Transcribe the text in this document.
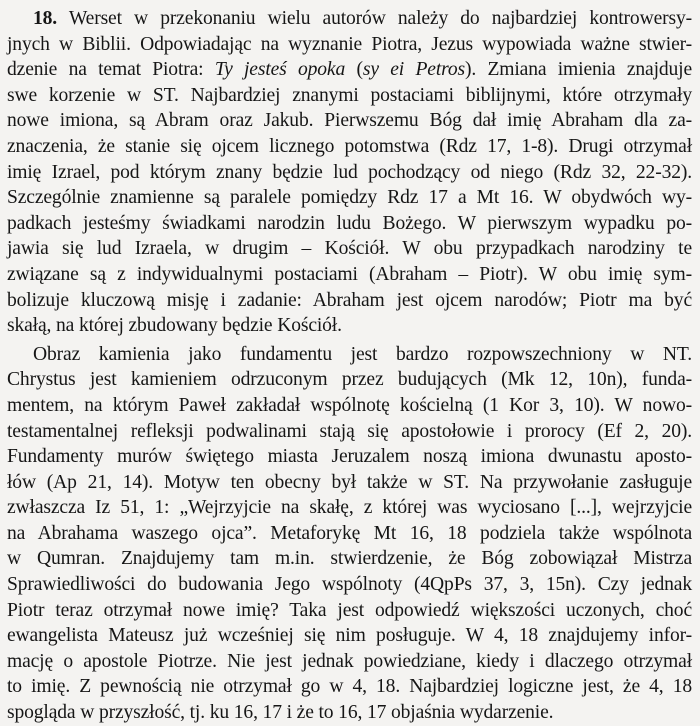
18. Werset w przekonaniu wielu autorów należy do najbardziej kontrowersy-
jnych w Biblii. Odpowiadając na wyznanie Piotra, Jezus wypowiada ważne stwier-
dzenie na temat Piotra: Ty jesteś opoka (sy ei Petros). Zmiana imienia znajduje
swe korzenie w ST. Najbardziej znanymi postaciami biblijnymi, które otrzymały
nowe imiona, są Abram oraz Jakub. Pierwszemu Bóg dał imię Abraham dla za-
znaczenia, że stanie się ojcem licznego potomstwa (Rdz 17, 1-8). Drugi otrzymał
imię Izrael, pod którym znany będzie lud pochodzący od niego (Rdz 32, 22-32).
Szczególnie znamienne są paralele pomiędzy Rdz 17 a Mt 16. W obydwóch wy-
padkach jesteśmy świadkami narodzin ludu Bożego. W pierwszym wypadku po-
jawia się lud Izraela, w drugim – Kościół. W obu przypadkach narodziny te
związane są z indywidualnymi postaciami (Abraham – Piotr). W obu imię sym-
bolizuje kluczową misję i zadanie: Abraham jest ojcem narodów; Piotr ma być
skałą, na której zbudowany będzie Kościół.
Obraz kamienia jako fundamentu jest bardzo rozpowszechniony w NT.
Chrystus jest kamieniem odrzuconym przez budujących (Mk 12, 10n), funda-
mentem, na którym Paweł zakładał wspólnotę kościelną (1 Kor 3, 10). W nowo-
testamentalnej refleksji podwalinami stają się apostołowie i prorocy (Ef 2, 20).
Fundamenty murów świętego miasta Jeruzalem noszą imiona dwunastu aposto-
łów (Ap 21, 14). Motyw ten obecny był także w ST. Na przywołanie zasługuje
zwłaszcza Iz 51, 1: „Wejrzyjcie na skałę, z której was wyciosano [...], wejrzyjcie
na Abrahama waszego ojca”. Metaforykę Mt 16, 18 podziela także wspólnota
w Qumran. Znajdujemy tam m.in. stwierdzenie, że Bóg zobowiązał Mistrza
Sprawiedliwości do budowania Jego wspólnoty (4QpPs 37, 3, 15n). Czy jednak
Piotr teraz otrzymał nowe imię? Taka jest odpowiedź większości uczonych, choć
ewangelista Mateusz już wcześniej się nim posługuje. W 4, 18 znajdujemy infor-
mację o apostole Piotrze. Nie jest jednak powiedziane, kiedy i dlaczego otrzymał
to imię. Z pewnością nie otrzymał go w 4, 18. Najbardziej logiczne jest, że 4, 18
spogląda w przyszłość, tj. ku 16, 17 i że to 16, 17 objaśnia wydarzenie.
